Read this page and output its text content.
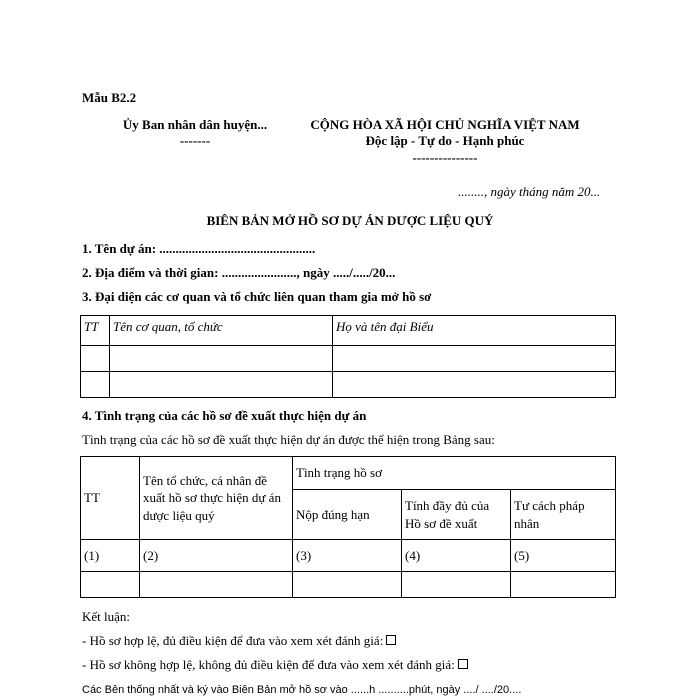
Mẫu B2.2
Ủy Ban nhân dân huyện...
-------
CỘNG HÒA XÃ HỘI CHỦ NGHĨA VIỆT NAM
Độc lập - Tự do - Hạnh phúc
---------------
........, ngày tháng năm 20...
BIÊN BẢN MỞ HỒ SƠ DỰ ÁN DƯỢC LIỆU QUÝ
1. Tên dự án: ................................................
2. Địa điểm và thời gian: ......................., ngày ...../...../20...
3. Đại diện các cơ quan và tổ chức liên quan tham gia mở hồ sơ
TT	Tên cơ quan, tổ chức	Họ và tên đại Biểu

4. Tình trạng của các hồ sơ đề xuất thực hiện dự án
Tình trạng của các hồ sơ đề xuất thực hiện dự án được thể hiện trong Bảng sau:
TT	Tên tổ chức, cá nhân đề xuất hồ sơ thực hiện dự án dược liệu quý	Tình trạng hồ sơ		
		Nộp đúng hạn	Tính đầy đủ của Hồ sơ đề xuất	Tư cách pháp nhân
(1)	(2)	(3)	(4)	(5)

Kết luận:
- Hồ sơ hợp lệ, đủ điều kiện để đưa vào xem xét đánh giá:
- Hồ sơ không hợp lệ, không đủ điều kiện để đưa vào xem xét đánh giá:
Các Bên thống nhất và ký vào Biên Bản mở hồ sơ vào ......h ..........phút, ngày ..../ ..../20....
